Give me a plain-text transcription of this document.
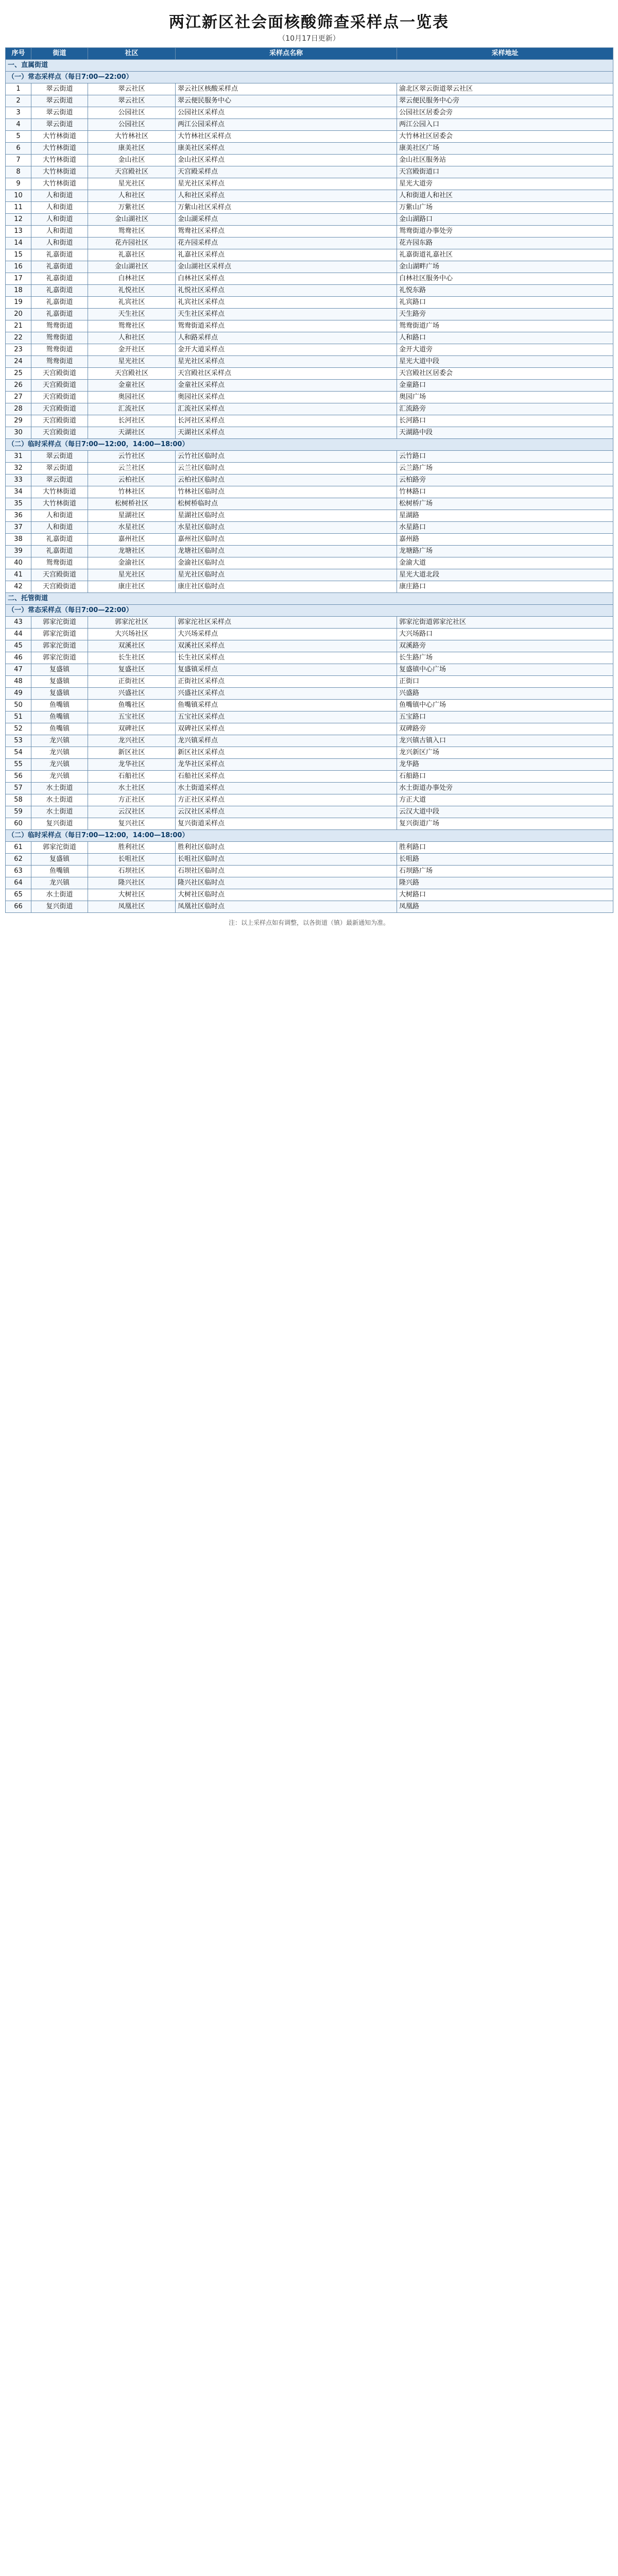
两江新区社会面核酸筛查采样点一览表
（10月17日更新）
序号	街道	社区	采样点名称	采样地址
一、直属街道				
（一）常态采样点（每日7:00—22:00）				
1	翠云街道	翠云社区	翠云社区核酸采样点	渝北区翠云街道翠云社区
2	翠云街道	翠云社区	翠云便民服务中心	翠云便民服务中心旁
3	翠云街道	公园社区	公园社区采样点	公园社区居委会旁
4	翠云街道	公园社区	两江公园采样点	两江公园入口
5	大竹林街道	大竹林社区	大竹林社区采样点	大竹林社区居委会
6	大竹林街道	康美社区	康美社区采样点	康美社区广场
7	大竹林街道	金山社区	金山社区采样点	金山社区服务站
8	大竹林街道	天宫殿社区	天宫殿采样点	天宫殿街道口
9	大竹林街道	星光社区	星光社区采样点	星光大道旁
10	人和街道	人和社区	人和社区采样点	人和街道人和社区
11	人和街道	万紫社区	万紫山社区采样点	万紫山广场
12	人和街道	金山湖社区	金山湖采样点	金山湖路口
13	人和街道	鸳鸯社区	鸳鸯社区采样点	鸳鸯街道办事处旁
14	人和街道	花卉园社区	花卉园采样点	花卉园东路
15	礼嘉街道	礼嘉社区	礼嘉社区采样点	礼嘉街道礼嘉社区
16	礼嘉街道	金山湖社区	金山湖社区采样点	金山湖畔广场
17	礼嘉街道	白林社区	白林社区采样点	白林社区服务中心
18	礼嘉街道	礼悦社区	礼悦社区采样点	礼悦东路
19	礼嘉街道	礼宾社区	礼宾社区采样点	礼宾路口
20	礼嘉街道	天生社区	天生社区采样点	天生路旁
21	鸳鸯街道	鸳鸯社区	鸳鸯街道采样点	鸳鸯街道广场
22	鸳鸯街道	人和社区	人和路采样点	人和路口
23	鸳鸯街道	金开社区	金开大道采样点	金开大道旁
24	鸳鸯街道	星光社区	星光社区采样点	星光大道中段
25	天宫殿街道	天宫殿社区	天宫殿社区采样点	天宫殿社区居委会
26	天宫殿街道	金童社区	金童社区采样点	金童路口
27	天宫殿街道	奥园社区	奥园社区采样点	奥园广场
28	天宫殿街道	汇流社区	汇流社区采样点	汇流路旁
29	天宫殿街道	长河社区	长河社区采样点	长河路口
30	天宫殿街道	天湖社区	天湖社区采样点	天湖路中段
（二）临时采样点（每日7:00—12:00，14:00—18:00）				
31	翠云街道	云竹社区	云竹社区临时点	云竹路口
32	翠云街道	云兰社区	云兰社区临时点	云兰路广场
33	翠云街道	云柏社区	云柏社区临时点	云柏路旁
34	大竹林街道	竹林社区	竹林社区临时点	竹林路口
35	大竹林街道	松树桥社区	松树桥临时点	松树桥广场
36	人和街道	星湖社区	星湖社区临时点	星湖路
37	人和街道	水星社区	水星社区临时点	水星路口
38	礼嘉街道	嘉州社区	嘉州社区临时点	嘉州路
39	礼嘉街道	龙塘社区	龙塘社区临时点	龙塘路广场
40	鸳鸯街道	金渝社区	金渝社区临时点	金渝大道
41	天宫殿街道	星光社区	星光社区临时点	星光大道北段
42	天宫殿街道	康庄社区	康庄社区临时点	康庄路口
二、托管街道				
（一）常态采样点（每日7:00—22:00）				
43	郭家沱街道	郭家沱社区	郭家沱社区采样点	郭家沱街道郭家沱社区
44	郭家沱街道	大兴场社区	大兴场采样点	大兴场路口
45	郭家沱街道	双溪社区	双溪社区采样点	双溪路旁
46	郭家沱街道	长生社区	长生社区采样点	长生路广场
47	复盛镇	复盛社区	复盛镇采样点	复盛镇中心广场
48	复盛镇	正街社区	正街社区采样点	正街口
49	复盛镇	兴盛社区	兴盛社区采样点	兴盛路
50	鱼嘴镇	鱼嘴社区	鱼嘴镇采样点	鱼嘴镇中心广场
51	鱼嘴镇	五宝社区	五宝社区采样点	五宝路口
52	鱼嘴镇	双碑社区	双碑社区采样点	双碑路旁
53	龙兴镇	龙兴社区	龙兴镇采样点	龙兴镇古镇入口
54	龙兴镇	新区社区	新区社区采样点	龙兴新区广场
55	龙兴镇	龙华社区	龙华社区采样点	龙华路
56	龙兴镇	石船社区	石船社区采样点	石船路口
57	水土街道	水土社区	水土街道采样点	水土街道办事处旁
58	水土街道	方正社区	方正社区采样点	方正大道
59	水土街道	云汉社区	云汉社区采样点	云汉大道中段
60	复兴街道	复兴社区	复兴街道采样点	复兴街道广场
（二）临时采样点（每日7:00—12:00，14:00—18:00）				
61	郭家沱街道	胜利社区	胜利社区临时点	胜利路口
62	复盛镇	长咀社区	长咀社区临时点	长咀路
63	鱼嘴镇	石坝社区	石坝社区临时点	石坝路广场
64	龙兴镇	隆兴社区	隆兴社区临时点	隆兴路
65	水土街道	大树社区	大树社区临时点	大树路口
66	复兴街道	凤凰社区	凤凰社区临时点	凤凰路
注：以上采样点如有调整，以各街道（镇）最新通知为准。
